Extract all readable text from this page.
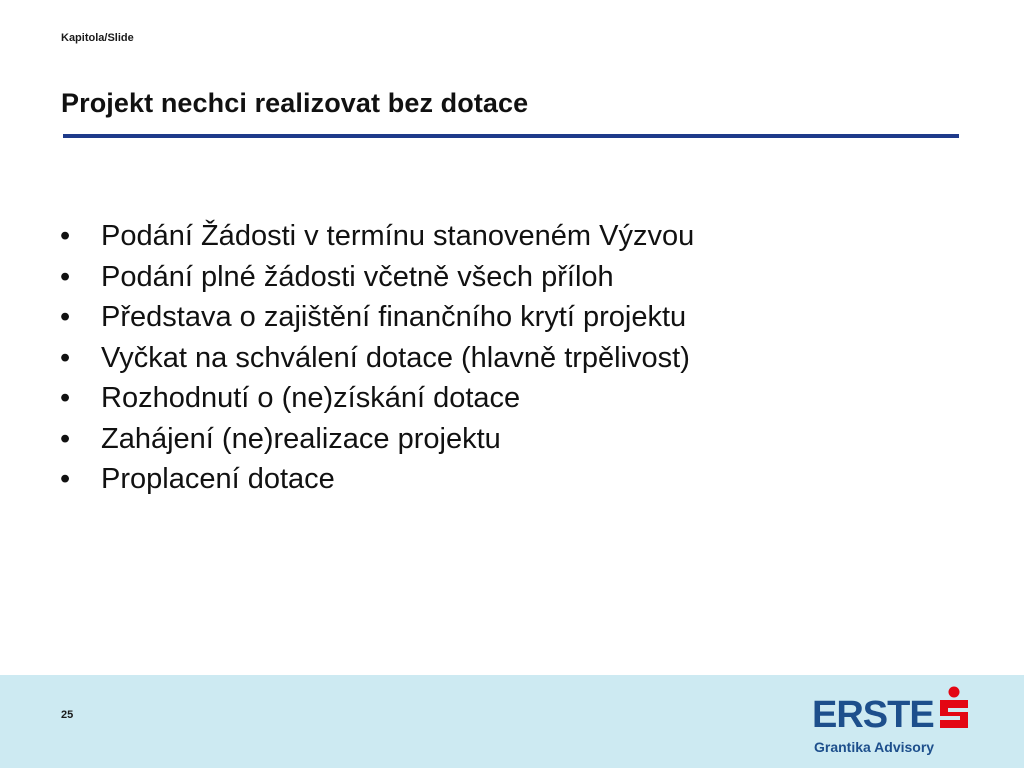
Kapitola/Slide
Projekt nechci realizovat bez dotace
• Podání Žádosti v termínu stanoveném Výzvou
• Podání plné žádosti včetně všech příloh
• Představa o zajištění finančního krytí projektu
• Vyčkat na schválení dotace (hlavně trpělivost)
• Rozhodnutí o (ne)získání dotace
• Zahájení (ne)realizace projektu
• Proplacení dotace
25	ERSTE
Grantika Advisory
